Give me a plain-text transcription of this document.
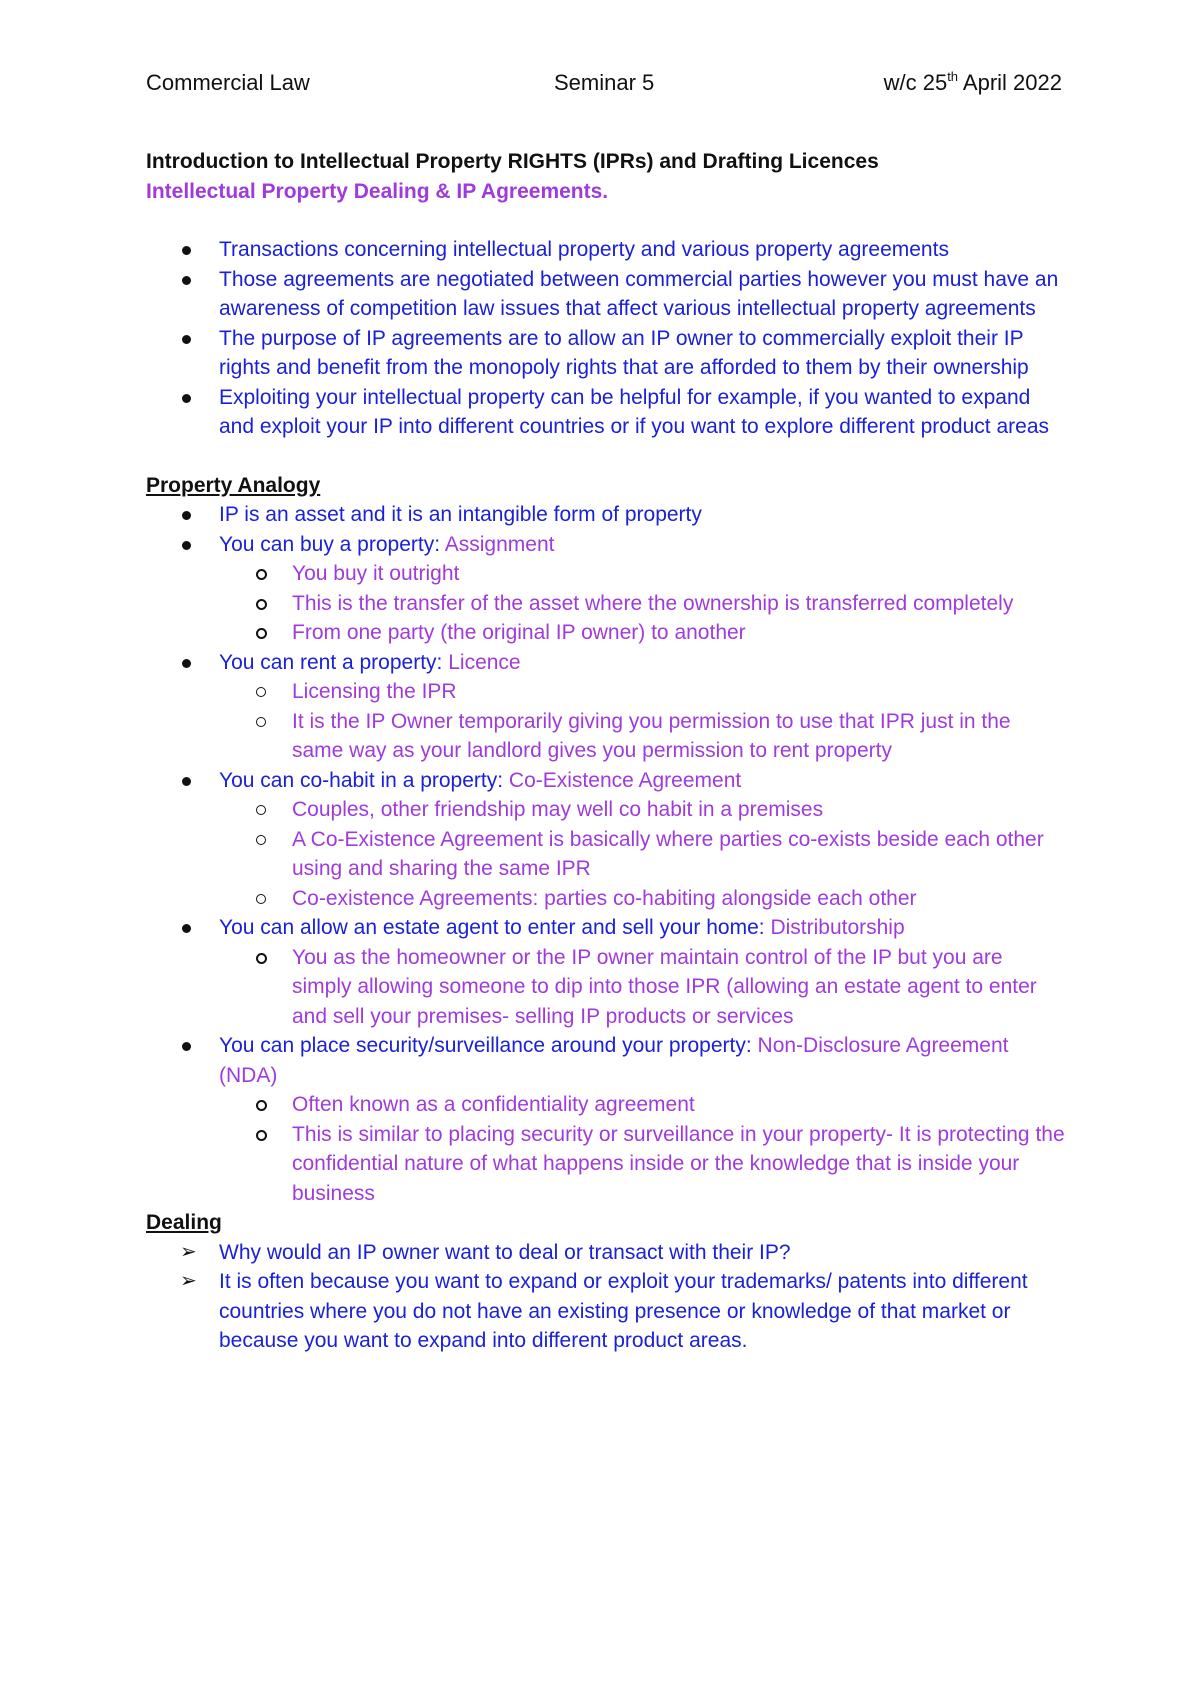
Commercial Law	Seminar 5	w/c 25th April 2022

Introduction to Intellectual Property RIGHTS (IPRs) and Drafting Licences

Intellectual Property Dealing & IP Agreements.

Transactions concerning intellectual property and various property agreements
Those agreements are negotiated between commercial parties however you must have an awareness of competition law issues that affect various intellectual property agreements
The purpose of IP agreements are to allow an IP owner to commercially exploit their IP rights and benefit from the monopoly rights that are afforded to them by their ownership
Exploiting your intellectual property can be helpful for example, if you wanted to expand and exploit your IP into different countries or if you want to explore different product areas

Property Analogy

IP is an asset and it is an intangible form of property
You can buy a property: Assignment
You buy it outright
This is the transfer of the asset where the ownership is transferred completely
From one party (the original IP owner) to another
You can rent a property: Licence
Licensing the IPR
It is the IP Owner temporarily giving you permission to use that IPR just in the same way as your landlord gives you permission to rent property
You can co-habit in a property: Co-Existence Agreement
Couples, other friendship may well co habit in a premises
A Co-Existence Agreement is basically where parties co-exists beside each other using and sharing the same IPR
Co-existence Agreements: parties co-habiting alongside each other
You can allow an estate agent to enter and sell your home: Distributorship
You as the homeowner or the IP owner maintain control of the IP but you are simply allowing someone to dip into those IPR (allowing an estate agent to enter and sell your premises- selling IP products or services
You can place security/surveillance around your property: Non-Disclosure Agreement (NDA)
Often known as a confidentiality agreement
This is similar to placing security or surveillance in your property- It is protecting the confidential nature of what happens inside or the knowledge that is inside your business

Dealing

➢ Why would an IP owner want to deal or transact with their IP?
➢ It is often because you want to expand or exploit your trademarks/ patents into different countries where you do not have an existing presence or knowledge of that market or because you want to expand into different product areas.
